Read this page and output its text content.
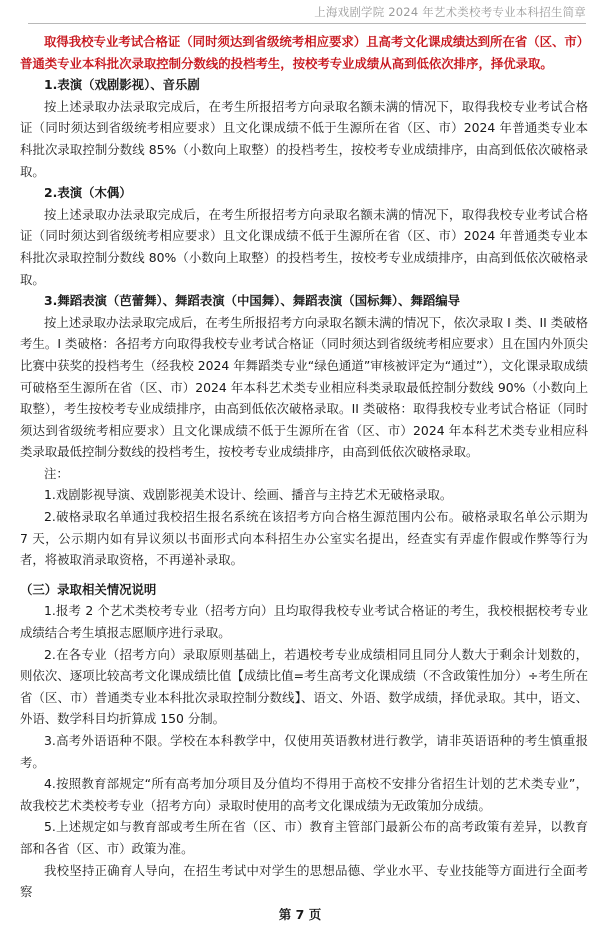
上海戏剧学院 2024 年艺术类校考专业本科招生简章

取得我校专业考试合格证（同时须达到省级统考相应要求）且高考文化课成绩达到所在省（区、市）

普通类专业本科批次录取控制分数线的投档考生，按校考专业成绩从高到低依次排序，择优录取。

1.表演（戏剧影视）、音乐剧

按上述录取办法录取完成后，在考生所报招考方向录取名额未满的情况下，取得我校专业考试合格证（同时须达到省级统考相应要求）且文化课成绩不低于生源所在省（区、市）2024 年普通类专业本科批次录取控制分数线 85%（小数向上取整）的投档考生，按校考专业成绩排序，由高到低依次破格录取。

2.表演（木偶）

按上述录取办法录取完成后，在考生所报招考方向录取名额未满的情况下，取得我校专业考试合格证（同时须达到省级统考相应要求）且文化课成绩不低于生源所在省（区、市）2024 年普通类专业本科批次录取控制分数线 80%（小数向上取整）的投档考生，按校考专业成绩排序，由高到低依次破格录取。

3.舞蹈表演（芭蕾舞）、舞蹈表演（中国舞）、舞蹈表演（国标舞）、舞蹈编导

按上述录取办法录取完成后，在考生所报招考方向录取名额未满的情况下，依次录取 I 类、II 类破格考生。I 类破格：各招考方向取得我校专业考试合格证（同时须达到省级统考相应要求）且在国内外顶尖比赛中获奖的投档考生（经我校 2024 年舞蹈类专业“绿色通道”审核被评定为“通过”），文化课录取成绩可破格至生源所在省（区、市）2024 年本科艺术类专业相应科类录取最低控制分数线 90%（小数向上取整），考生按校考专业成绩排序，由高到低依次破格录取。II 类破格：取得我校专业考试合格证（同时须达到省级统考相应要求）且文化课成绩不低于生源所在省（区、市）2024 年本科艺术类专业相应科类录取最低控制分数线的投档考生，按校考专业成绩排序，由高到低依次破格录取。

注：

1.戏剧影视导演、戏剧影视美术设计、绘画、播音与主持艺术无破格录取。

2.破格录取名单通过我校招生报名系统在该招考方向合格生源范围内公布。破格录取名单公示期为 7 天，公示期内如有异议须以书面形式向本科招生办公室实名提出，经查实有弄虚作假或作弊等行为者，将被取消录取资格，不再递补录取。

（三）录取相关情况说明

1.报考 2 个艺术类校考专业（招考方向）且均取得我校专业考试合格证的考生，我校根据校考专业成绩结合考生填报志愿顺序进行录取。

2.在各专业（招考方向）录取原则基础上，若遇校考专业成绩相同且同分人数大于剩余计划数的，则依次、逐项比较高考文化课成绩比值【成绩比值=考生高考文化课成绩（不含政策性加分）÷考生所在省（区、市）普通类专业本科批次录取控制分数线】、语文、外语、数学成绩，择优录取。其中，语文、外语、数学科目均折算成 150 分制。

3.高考外语语种不限。学校在本科教学中，仅使用英语教材进行教学，请非英语语种的考生慎重报考。

4.按照教育部规定“所有高考加分项目及分值均不得用于高校不安排分省招生计划的艺术类专业”，故我校艺术类校考专业（招考方向）录取时使用的高考文化课成绩为无政策加分成绩。

5.上述规定如与教育部或考生所在省（区、市）教育主管部门最新公布的高考政策有差异，以教育部和各省（区、市）政策为准。

我校坚持正确育人导向，在招生考试中对学生的思想品德、学业水平、专业技能等方面进行全面考察

第 7 页
